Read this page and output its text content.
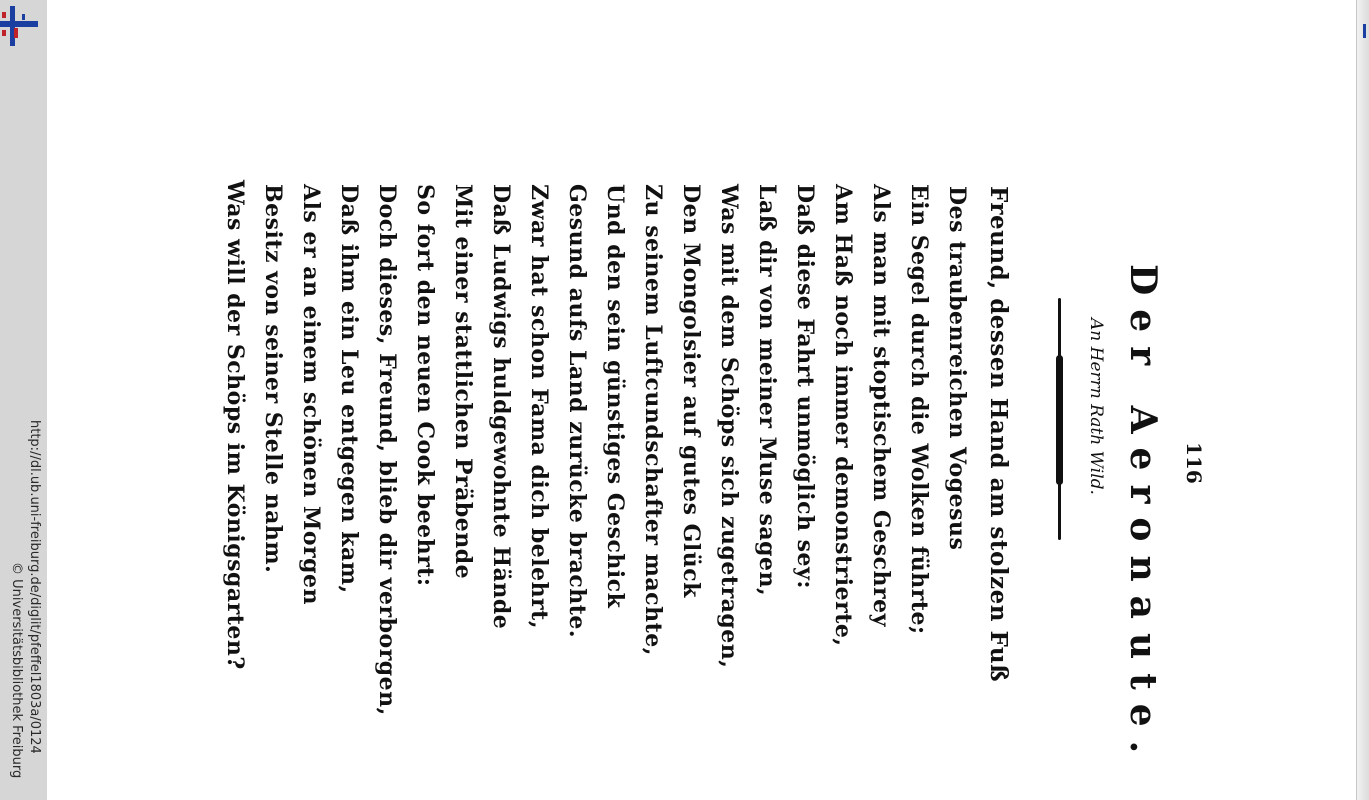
http://dl.ub.uni-freiburg.de/diglit/pfeffel1803a/0124
© Universitätsbibliothek Freiburg
116
Der Aeronaute.
An Herrn Rath Wild.
Freund, dessen Hand am stolzen Fuß
Des traubenreichen Vogesus
Ein Segel durch die Wolken führte;
Als man mit stoptischem Geschrey
Am Haß noch immer demonstrierte,
Daß diese Fahrt unmöglich sey:
Laß dir von meiner Muse sagen,
Was mit dem Schöps sich zugetragen,
Den Mongolsier auf gutes Glück
Zu seinem Luftcundschafter machte,
Und den sein günstiges Geschick
Gesund aufs Land zurücke brachte.
Zwar hat schon Fama dich belehrt,
Daß Ludwigs huldgewohnte Hände
Mit einer stattlichen Präbende
So fort den neuen Cook beehrt:
Doch dieses, Freund, blieb dir verborgen,
Daß ihm ein Leu entgegen kam,
Als er an einem schönen Morgen
Besitz von seiner Stelle nahm.
Was will der Schöps im Königsgarten?
